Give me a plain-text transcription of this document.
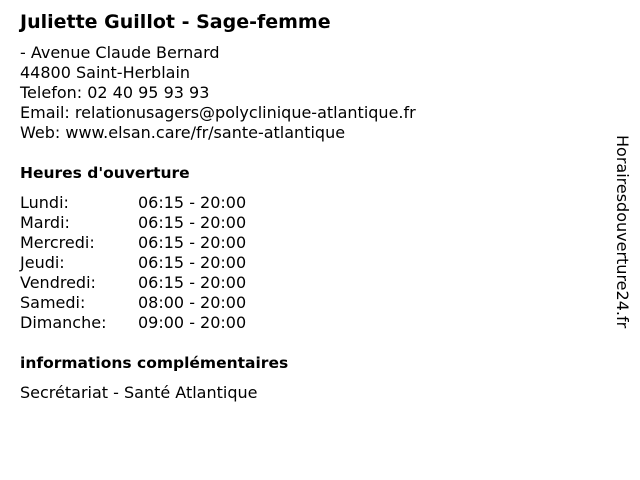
Juliette Guillot - Sage-femme
- Avenue Claude Bernard
44800 Saint-Herblain
Telefon: 02 40 95 93 93
Email: relationusagers@polyclinique-atlantique.fr
Web: www.elsan.care/fr/sante-atlantique
Heures d'ouverture
Lundi:	06:15 - 20:00
Mardi:	06:15 - 20:00
Mercredi:	06:15 - 20:00
Jeudi:	06:15 - 20:00
Vendredi:	06:15 - 20:00
Samedi:	08:00 - 20:00
Dimanche:	09:00 - 20:00
informations complémentaires
Secrétariat - Santé Atlantique
Horairesdouverture24.fr
